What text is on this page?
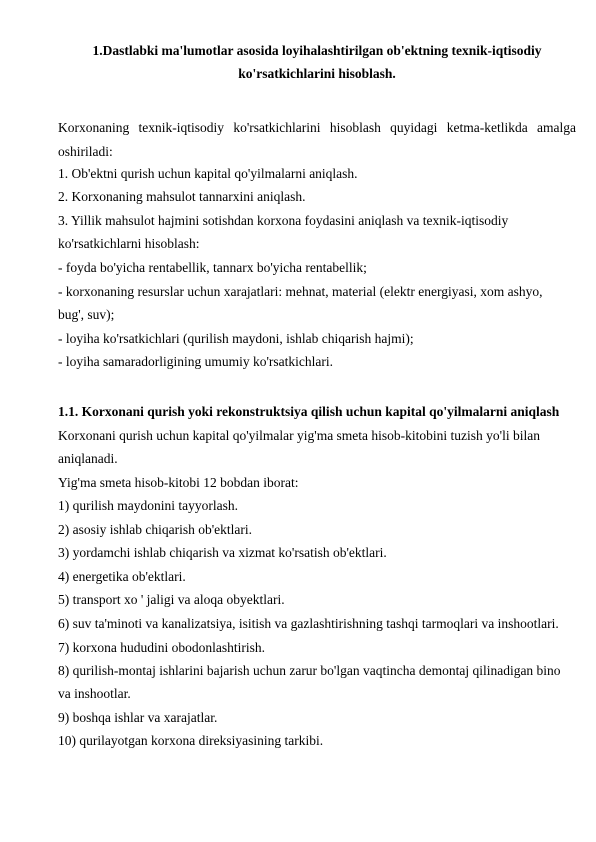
1.Dastlabki ma'lumotlar asosida loyihalashtirilgan ob'ektning texnik-iqtisodiy
ko'rsatkichlarini hisoblash.
Korxonaning texnik-iqtisodiy ko'rsatkichlarini hisoblash quyidagi ketma-ketlikda amalga
oshiriladi:
1. Ob'ektni qurish uchun kapital qo'yilmalarni aniqlash.
2. Korxonaning mahsulot tannarxini aniqlash.
3. Yillik mahsulot hajmini sotishdan korxona foydasini aniqlash va texnik-iqtisodiy
ko'rsatkichlarni hisoblash:
- foyda bo'yicha rentabellik, tannarx bo'yicha rentabellik;
- korxonaning resurslar uchun xarajatlari: mehnat, material (elektr energiyasi, xom ashyo,
bug', suv);
- loyiha ko'rsatkichlari (qurilish maydoni, ishlab chiqarish hajmi);
- loyiha samaradorligining umumiy ko'rsatkichlari.
1.1. Korxonani qurish yoki rekonstruktsiya qilish uchun kapital qo'yilmalarni aniqlash
Korxonani qurish uchun kapital qo'yilmalar yig'ma smeta hisob-kitobini tuzish yo'li bilan
aniqlanadi.
Yig'ma smeta hisob-kitobi 12 bobdan iborat:
1) qurilish maydonini tayyorlash.
2) asosiy ishlab chiqarish ob'ektlari.
3) yordamchi ishlab chiqarish va xizmat ko'rsatish ob'ektlari.
4) energetika ob'ektlari.
5) transport xo ' jaligi va aloqa obyektlari.
6) suv ta'minoti va kanalizatsiya, isitish va gazlashtirishning tashqi tarmoqlari va inshootlari.
7) korxona hududini obodonlashtirish.
8) qurilish-montaj ishlarini bajarish uchun zarur bo'lgan vaqtincha demontaj qilinadigan bino
va inshootlar.
9) boshqa ishlar va xarajatlar.
10) qurilayotgan korxona direksiyasining tarkibi.
